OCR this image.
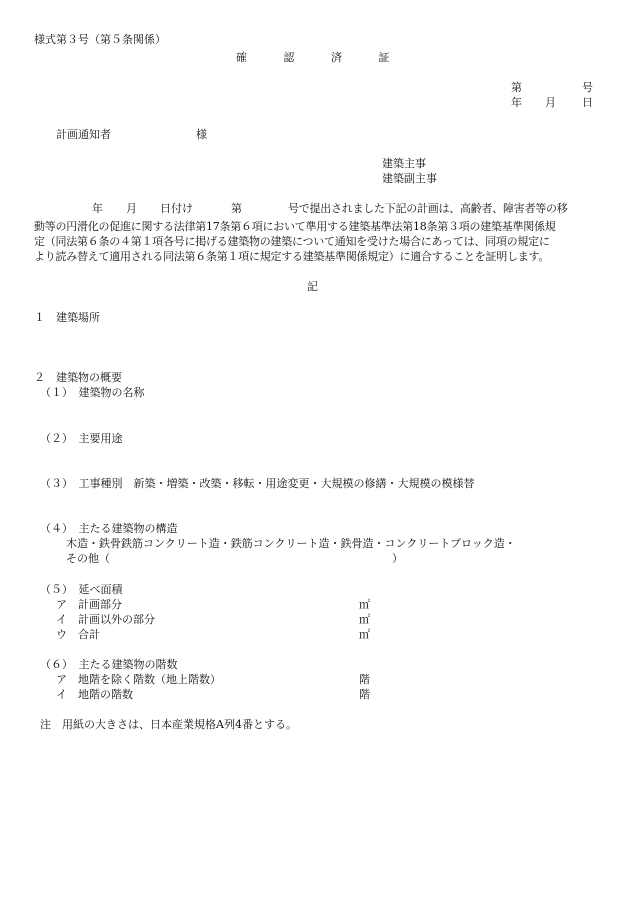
様式第３号（第５条関係）
確	認	済	証
第	号
年 月 日
計画通知者	様
建築主事
建築副主事
年 月 日付け	第	号で提出されました下記の計画は、高齢者、障害者等の移
動等の円滑化の促進に関する法律第17条第６項において準用する建築基準法第18条第３項の建築基準関係規
定（同法第６条の４第１項各号に掲げる建築物の建築について通知を受けた場合にあっては、同項の規定に
より読み替えて適用される同法第６条第１項に規定する建築基準関係規定）に適合することを証明します。
記
１　建築場所
２　建築物の概要
（１）　建築物の名称
（２）　主要用途
（３）　工事種別　新築・増築・改築・移転・用途変更・大規模の修繕・大規模の模様替
（４）　主たる建築物の構造
木造・鉄骨鉄筋コンクリート造・鉄筋コンクリート造・鉄骨造・コンクリートブロック造・
その他（	）
（５）　延べ面積
ア　計画部分	㎡
イ　計画以外の部分	㎡
ウ　合計	㎡
（６）　主たる建築物の階数
ア　地階を除く階数（地上階数）	階
イ　地階の階数	階
注　用紙の大きさは、日本産業規格A列4番とする。
